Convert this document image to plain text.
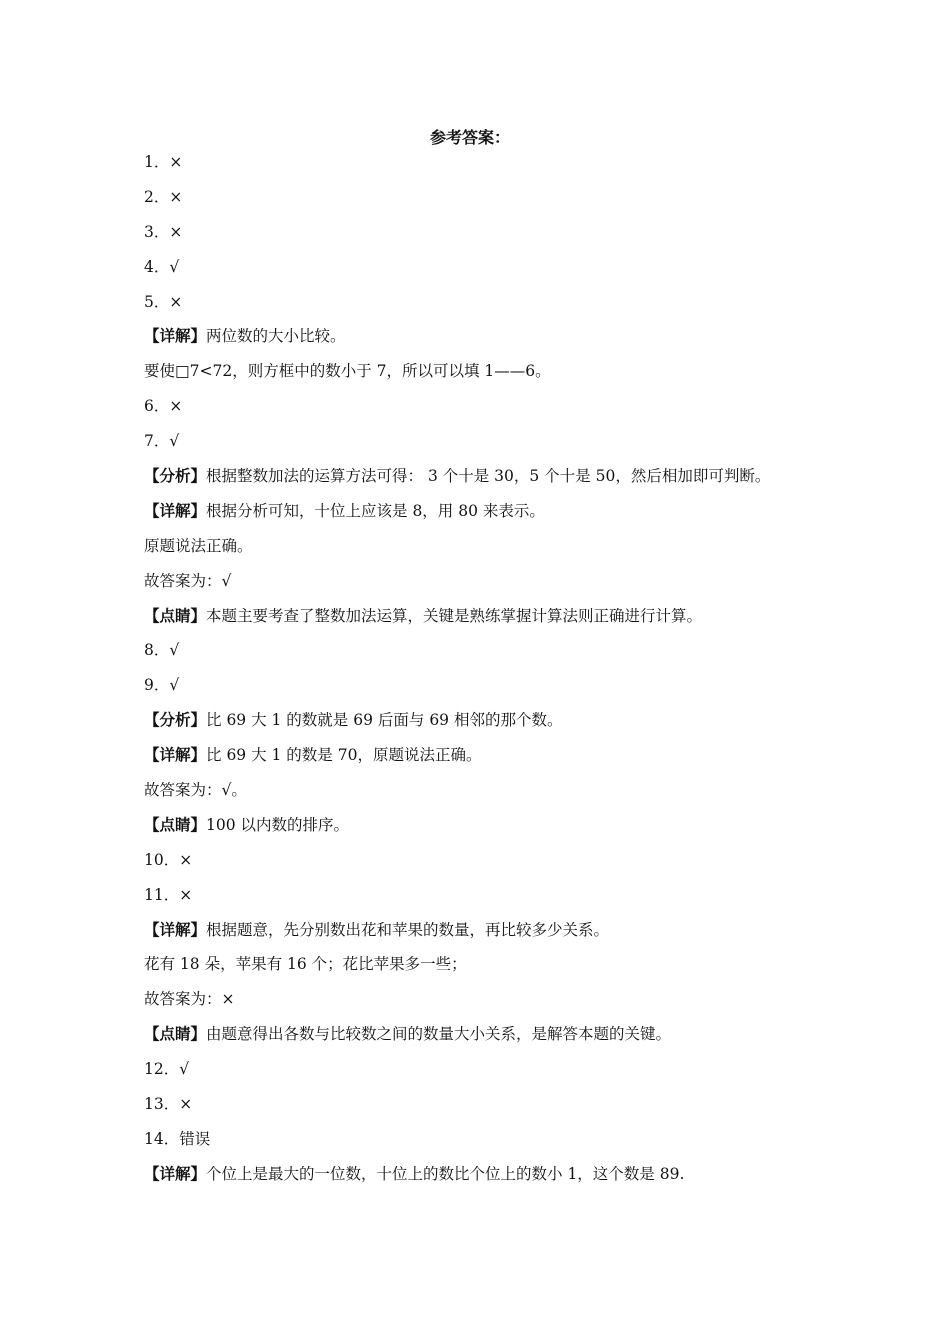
参考答案：
1．×
2．×
3．×
4．√
5．×
【详解】两位数的大小比较。
要使□7<72，则方框中的数小于 7，所以可以填 1——6。
6．×
7．√
【分析】根据整数加法的运算方法可得： 3 个十是 30，5 个十是 50，然后相加即可判断。
【详解】根据分析可知，十位上应该是 8，用 80 来表示。
原题说法正确。
故答案为：√
【点睛】本题主要考查了整数加法运算，关键是熟练掌握计算法则正确进行计算。
8．√
9．√
【分析】比 69 大 1 的数就是 69 后面与 69 相邻的那个数。
【详解】比 69 大 1 的数是 70，原题说法正确。
故答案为：√。
【点睛】100 以内数的排序。
10．×
11．×
【详解】根据题意，先分别数出花和苹果的数量，再比较多少关系。
花有 18 朵，苹果有 16 个；花比苹果多一些；
故答案为：×
【点睛】由题意得出各数与比较数之间的数量大小关系，是解答本题的关键。
12．√
13．×
14．错误
【详解】个位上是最大的一位数，十位上的数比个位上的数小 1，这个数是 89.
